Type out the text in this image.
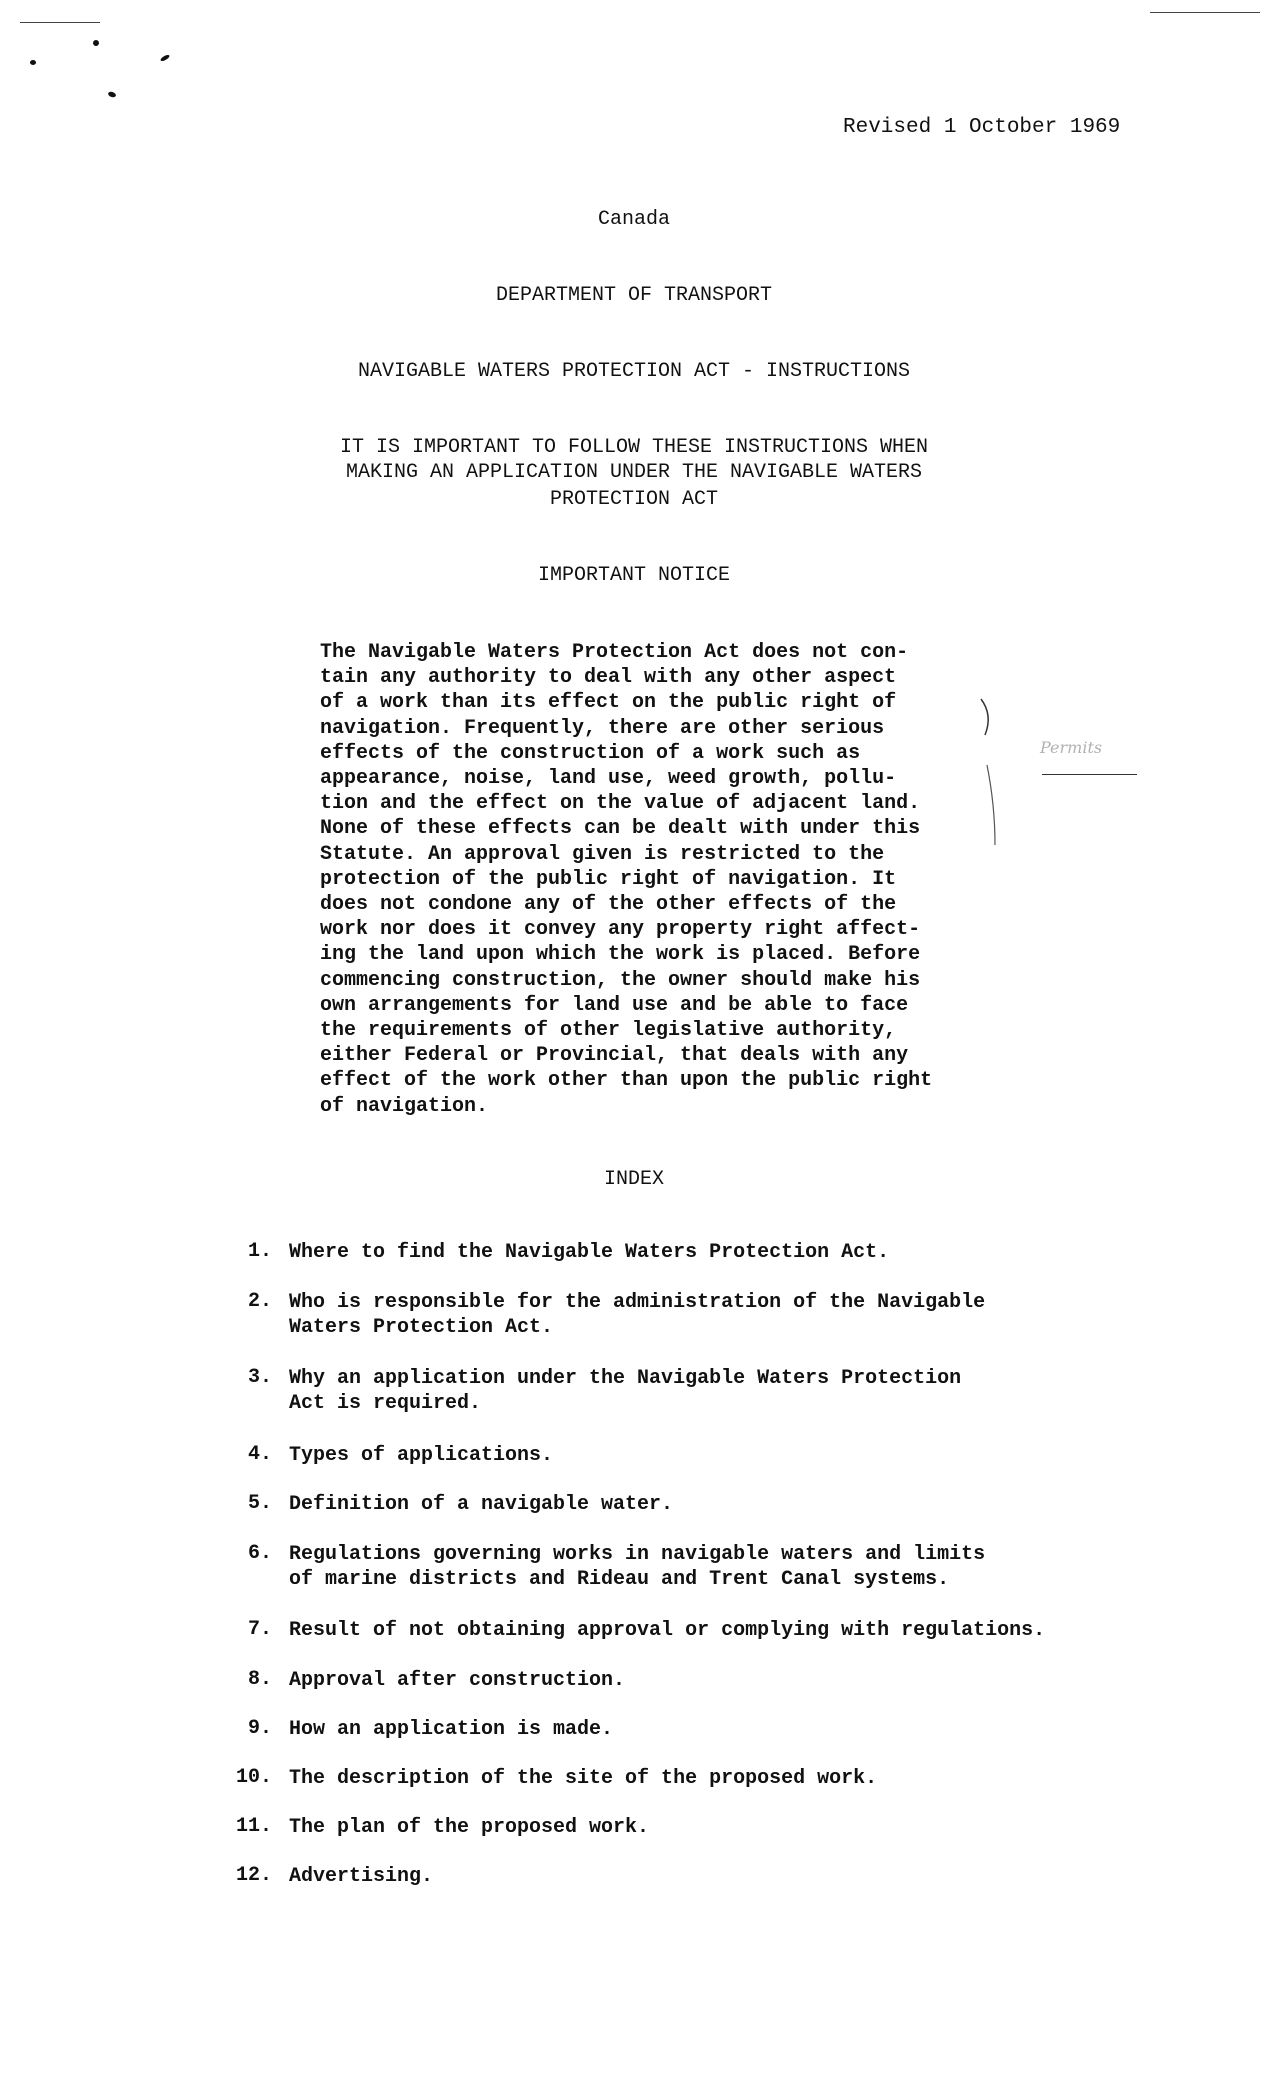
Revised 1 October 1969
Canada
DEPARTMENT OF TRANSPORT
NAVIGABLE WATERS PROTECTION ACT - INSTRUCTIONS
IT IS IMPORTANT TO FOLLOW THESE INSTRUCTIONS WHEN
MAKING AN APPLICATION UNDER THE NAVIGABLE WATERS
PROTECTION ACT
IMPORTANT NOTICE
The Navigable Waters Protection Act does not con-
tain any authority to deal with any other aspect
of a work than its effect on the public right of
navigation. Frequently, there are other serious
effects of the construction of a work such as
appearance, noise, land use, weed growth, pollu-
tion and the effect on the value of adjacent land.
None of these effects can be dealt with under this
Statute. An approval given is restricted to the
protection of the public right of navigation. It
does not condone any of the other effects of the
work nor does it convey any property right affect-
ing the land upon which the work is placed. Before
commencing construction, the owner should make his
own arrangements for land use and be able to face
the requirements of other legislative authority,
either Federal or Provincial, that deals with any
effect of the work other than upon the public right
of navigation.
Permits
INDEX
1. Where to find the Navigable Waters Protection Act.
2. Who is responsible for the administration of the Navigable
Waters Protection Act.
3. Why an application under the Navigable Waters Protection
Act is required.
4. Types of applications.
5. Definition of a navigable water.
6. Regulations governing works in navigable waters and limits
of marine districts and Rideau and Trent Canal systems.
7. Result of not obtaining approval or complying with regulations.
8. Approval after construction.
9. How an application is made.
10. The description of the site of the proposed work.
11. The plan of the proposed work.
12. Advertising.
